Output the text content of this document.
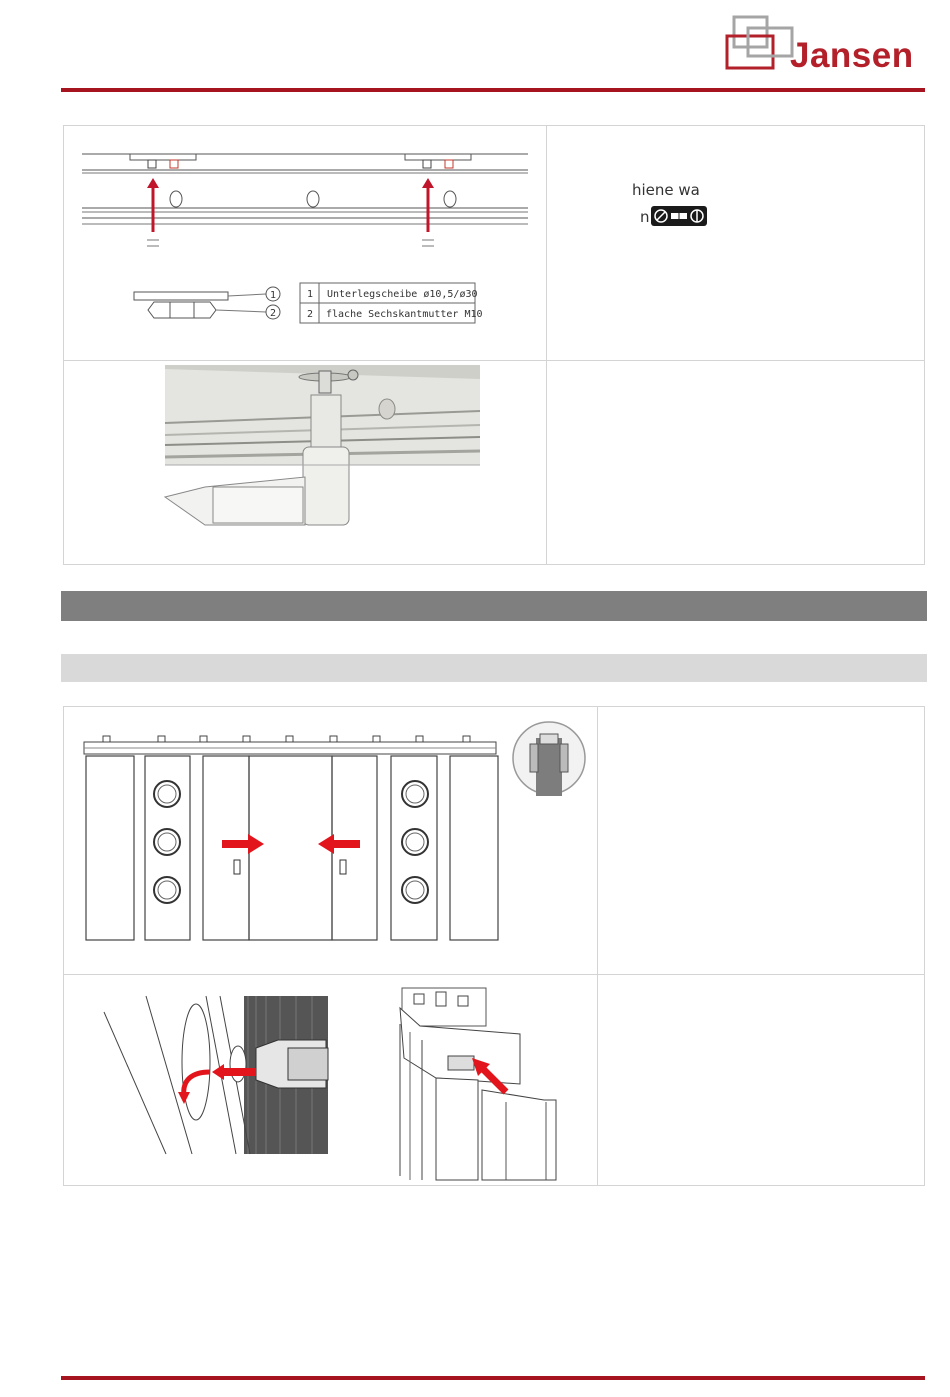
Jansen
1
2
1 Unterlegscheibe ø10,5/ø30
2 flache Sechskantmutter M10
hiene wa
n
